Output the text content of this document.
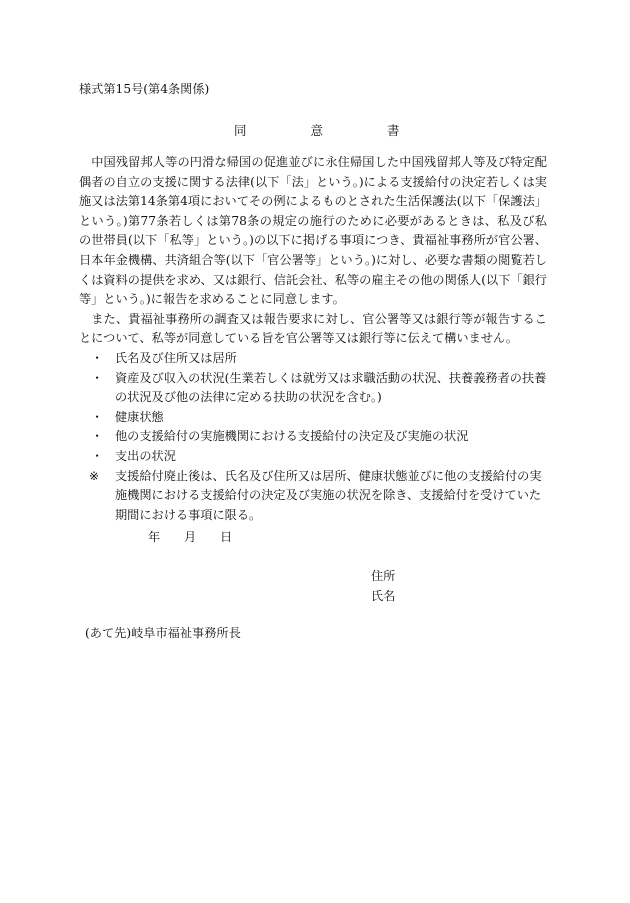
様式第15号(第4条関係)
同意書

中国残留邦人等の円滑な帰国の促進並びに永住帰国した中国残留邦人等及び特定配偶者の自立の支援に関する法律(以下「法」という。)による支援給付の決定若しくは実施又は法第14条第4項においてその例によるものとされた生活保護法(以下「保護法」という。)第77条若しくは第78条の規定の施行のために必要があるときは、私及び私の世帯員(以下「私等」という。)の以下に掲げる事項につき、貴福祉事務所が官公署、日本年金機構、共済組合等(以下「官公署等」という。)に対し、必要な書類の閲覧若しくは資料の提供を求め、又は銀行、信託会社、私等の雇主その他の関係人(以下「銀行等」という。)に報告を求めることに同意します。

また、貴福祉事務所の調査又は報告要求に対し、官公署等又は銀行等が報告することについて、私等が同意している旨を官公署等又は銀行等に伝えて構いません。

・ 氏名及び住所又は居所
・ 資産及び収入の状況(生業若しくは就労又は求職活動の状況、扶養義務者の扶養の状況及び他の法律に定める扶助の状況を含む。)
・ 健康状態
・ 他の支援給付の実施機関における支援給付の決定及び実施の状況
・ 支出の状況
※ 支援給付廃止後は、氏名及び住所又は居所、健康状態並びに他の支援給付の実施機関における支援給付の決定及び実施の状況を除き、支援給付を受けていた期間における事項に限る。
年 月 日
住所
氏名
(あて先)岐阜市福祉事務所長
